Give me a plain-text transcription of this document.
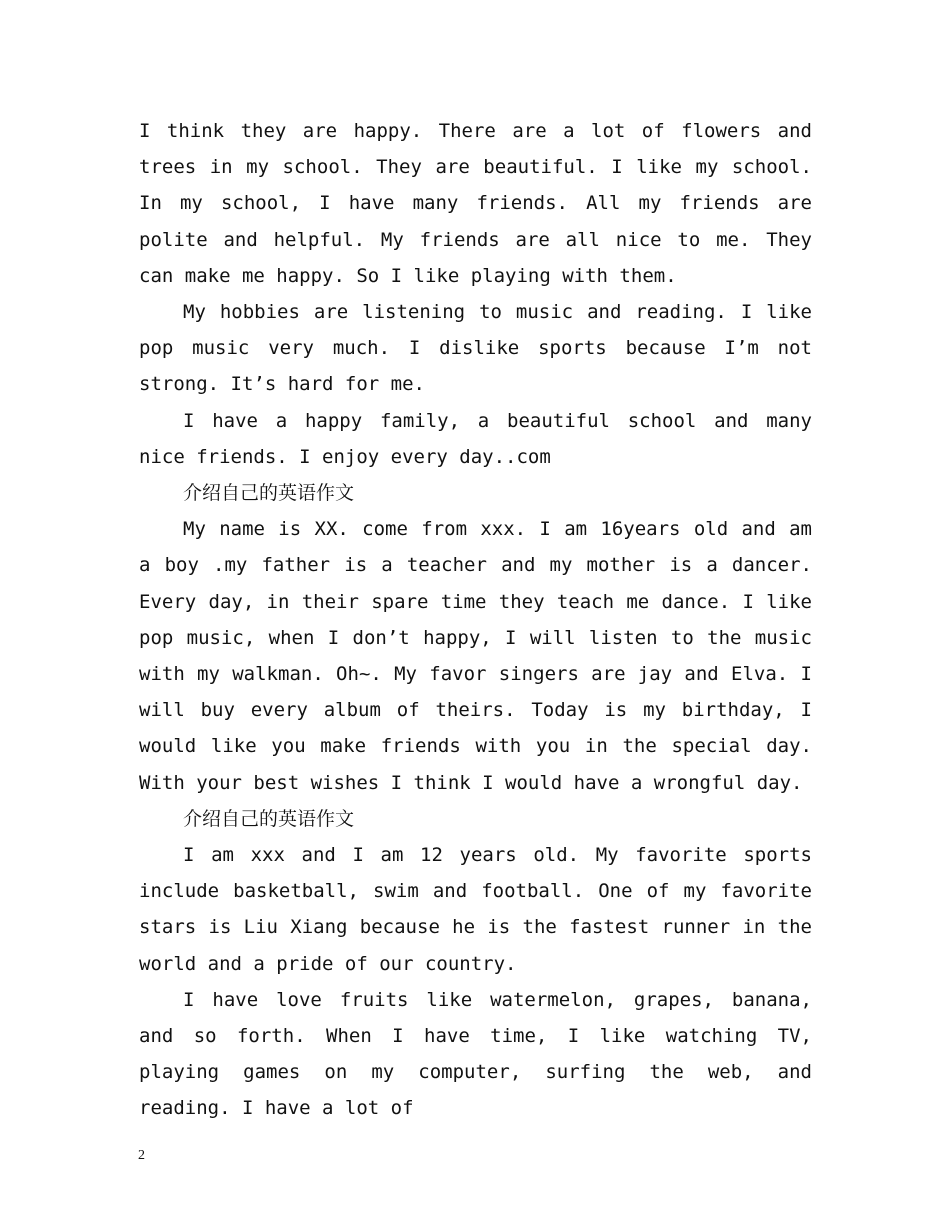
I think they are happy. There are a lot of flowers and trees in my school. They are beautiful. I like my school. In my school, I have many friends. All my friends are polite and helpful. My friends are all nice to me. They can make me happy. So I like playing with them.

My hobbies are listening to music and reading. I like pop music very much. I dislike sports because I’m not strong. It’s hard for me.

I have a happy family, a beautiful school and many nice friends. I enjoy every day..com

介绍自己的英语作文

My name is XX. come from xxx. I am 16years old and am a boy .my father is a teacher and my mother is a dancer. Every day, in their spare time they teach me dance. I like pop music, when I don’t happy, I will listen to the music with my walkman. Oh~. My favor singers are jay and Elva. I will buy every album of theirs. Today is my birthday, I would like you make friends with you in the special day. With your best wishes I think I would have a wrongful day.

介绍自己的英语作文

I am xxx and I am 12 years old. My favorite sports include basketball, swim and football. One of my favorite stars is Liu Xiang because he is the fastest runner in the world and a pride of our country.

I have love fruits like watermelon, grapes, banana, and so forth. When I have time, I like watching TV, playing games on my computer, surfing the web, and reading. I have a lot of

2
